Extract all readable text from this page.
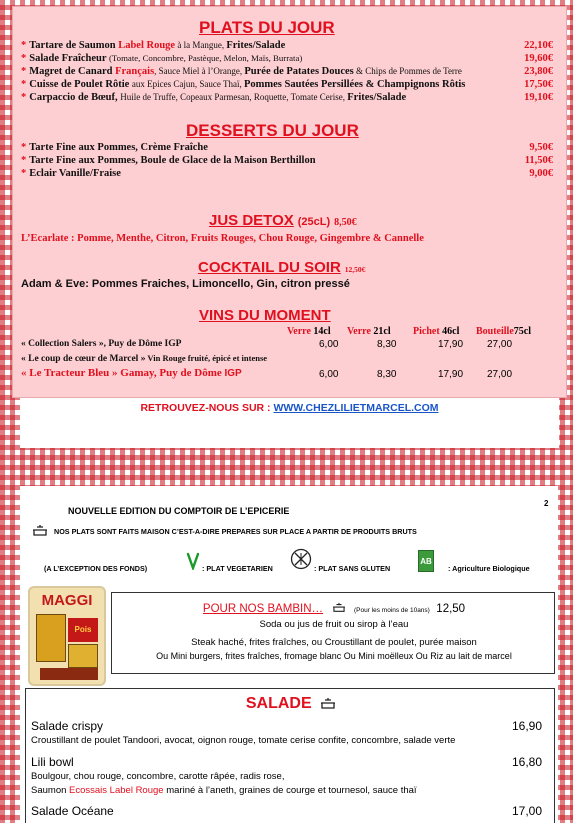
PLATS DU JOUR
* Tartare de Saumon Label Rouge à la Mangue, Frites/Salade	22,10€
* Salade Fraîcheur (Tomate, Concombre, Pastèque, Melon, Maïs, Burrata)	19,60€
* Magret de Canard Français, Sauce Miel à l’Orange, Purée de Patates Douces & Chips de Pommes de Terre	23,80€
* Cuisse de Poulet Rôtie aux Epices Cajun, Sauce Thaï, Pommes Sautées Persillées & Champignons Rôtis	17,50€
* Carpaccio de Bœuf, Huile de Truffe, Copeaux Parmesan, Roquette, Tomate Cerise, Frites/Salade	19,10€
DESSERTS DU JOUR
* Tarte Fine aux Pommes, Crème Fraîche	9,50€
* Tarte Fine aux Pommes, Boule de Glace de la Maison Berthillon	11,50€
* Eclair Vanille/Fraise	9,00€
JUS DETOX (25cL) 8,50€
L’Ecarlate : Pomme, Menthe, Citron, Fruits Rouges, Chou Rouge, Gingembre & Cannelle
COCKTAIL DU SOIR 12,50€
Adam & Eve: Pommes Fraiches, Limoncello, Gin, citron pressé
VINS DU MOMENT
Verre 14cl Verre 21cl Pichet 46cl Bouteille75cl
« Collection Salers », Puy de Dôme IGP	6,00	8,30	17,90 27,00
« Le coup de cœur de Marcel » Vin Rouge fruité, épicé et intense
« Le Tracteur Bleu » Gamay, Puy de Dôme IGP	6,00	8,30	17,90 27,00
RETROUVEZ-NOUS SUR : WWW.CHEZLILIETMARCEL.COM
NOUVELLE EDITION DU COMPTOIR DE L’EPICERIE
2
NOS PLATS SONT FAITS MAISON C’EST-A-DIRE PREPARES SUR PLACE A PARTIR DE PRODUITS BRUTS
(A L’EXCEPTION DES FONDS)	: PLAT VEGETARIEN	: PLAT SANS GLUTEN
AB
: Agriculture Biologique
MAGGI
Pois
POUR NOS BAMBIN…	(Pour les moins de 10ans) 12,50
Soda ou jus de fruit ou sirop à l’eau
Steak haché, frites fraîches, ou Croustillant de poulet, purée maison
Ou Mini burgers, frites fraîches, fromage blanc Ou Mini moëlleux Ou Riz au lait de marcel
SALADE
Salade crispy	16,90
Croustillant de poulet Tandoori, avocat, oignon rouge, tomate cerise confite, concombre, salade verte
Lili bowl	16,80
Boulgour, chou rouge, concombre, carotte râpée, radis rose,
Saumon Ecossais Label Rouge mariné à l’aneth, graines de courge et tournesol, sauce thaï
Salade Océane	17,00
